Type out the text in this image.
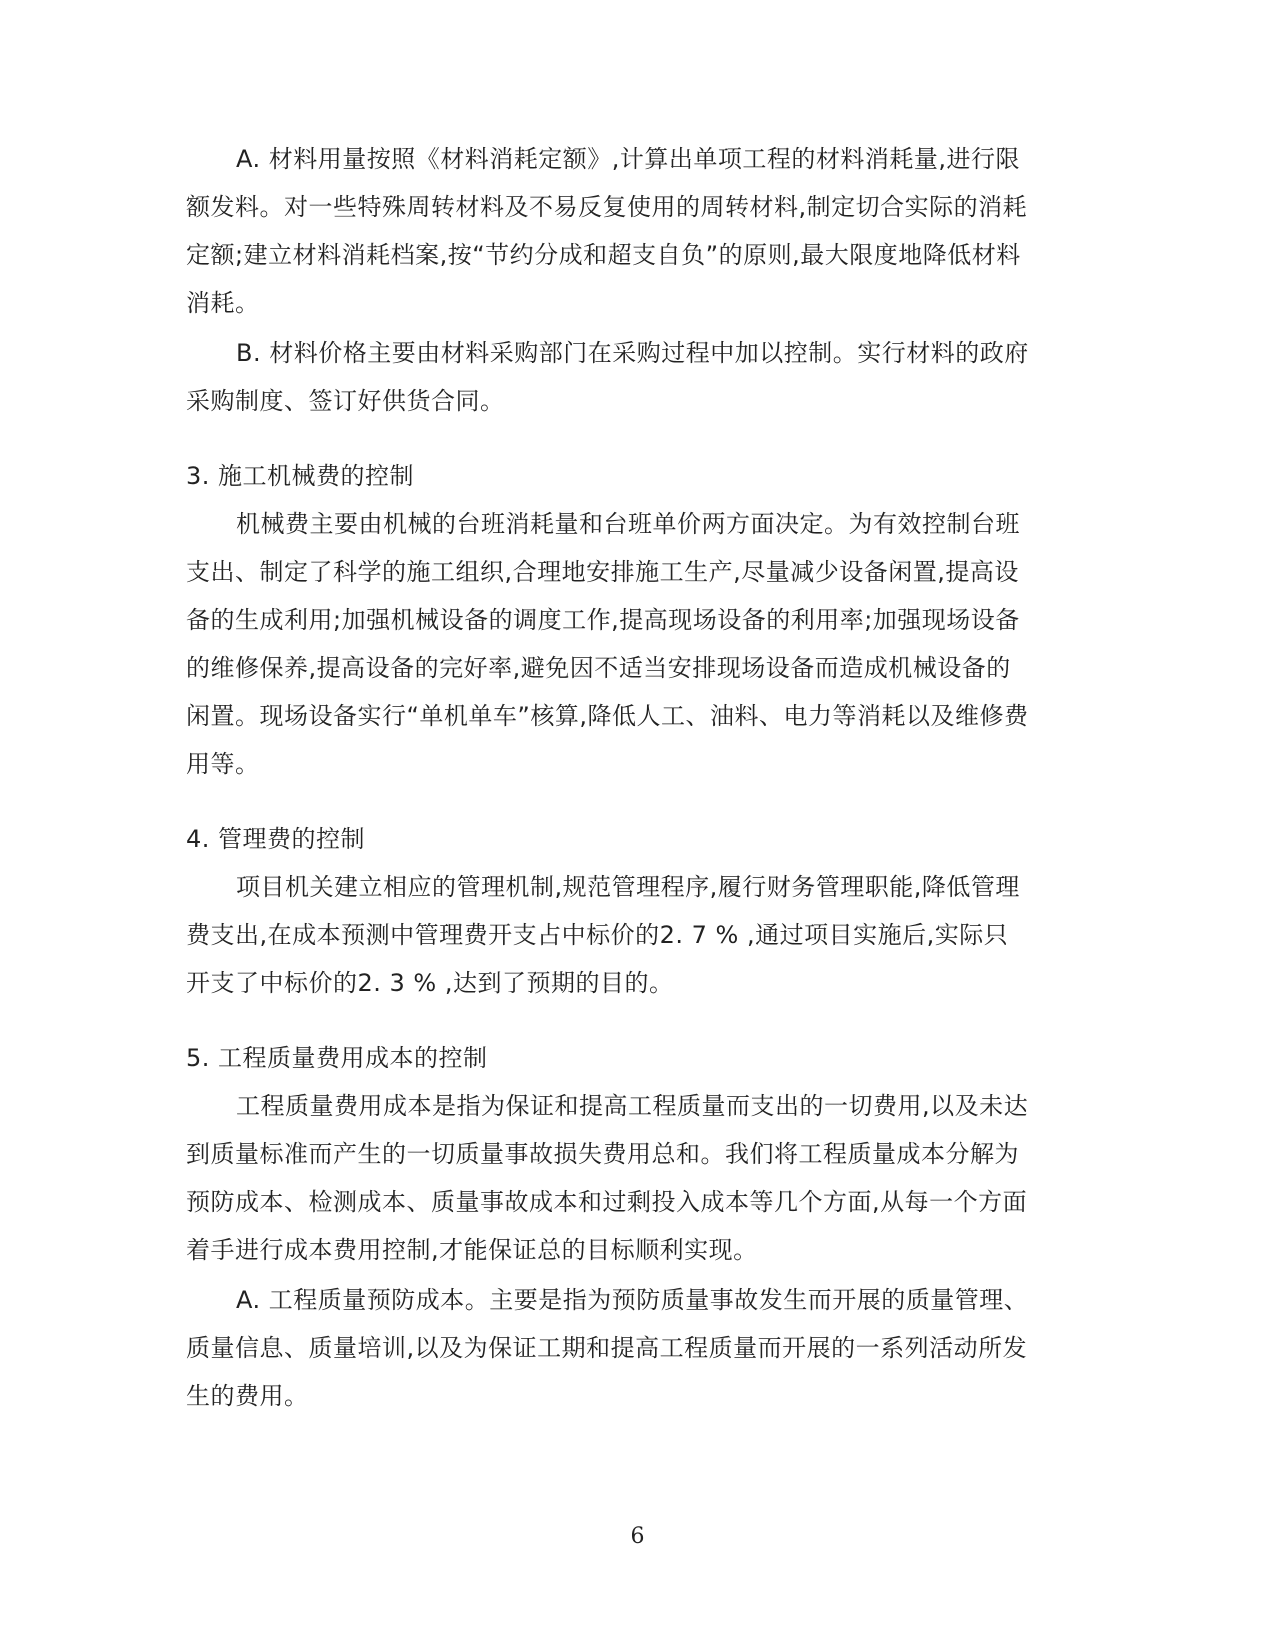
A. 材料用量按照《材料消耗定额》,计算出单项工程的材料消耗量,进行限
额发料。对一些特殊周转材料及不易反复使用的周转材料,制定切合实际的消耗
定额;建立材料消耗档案,按“节约分成和超支自负”的原则,最大限度地降低材料
消耗。
B. 材料价格主要由材料采购部门在采购过程中加以控制。实行材料的政府
采购制度、签订好供货合同。
3. 施工机械费的控制
机械费主要由机械的台班消耗量和台班单价两方面决定。为有效控制台班
支出、制定了科学的施工组织,合理地安排施工生产,尽量减少设备闲置,提高设
备的生成利用;加强机械设备的调度工作,提高现场设备的利用率;加强现场设备
的维修保养,提高设备的完好率,避免因不适当安排现场设备而造成机械设备的
闲置。现场设备实行“单机单车”核算,降低人工、油料、电力等消耗以及维修费
用等。
4. 管理费的控制
项目机关建立相应的管理机制,规范管理程序,履行财务管理职能,降低管理
费支出,在成本预测中管理费开支占中标价的2. 7 % ,通过项目实施后,实际只
开支了中标价的2. 3 % ,达到了预期的目的。
5. 工程质量费用成本的控制
工程质量费用成本是指为保证和提高工程质量而支出的一切费用,以及未达
到质量标准而产生的一切质量事故损失费用总和。我们将工程质量成本分解为
预防成本、检测成本、质量事故成本和过剩投入成本等几个方面,从每一个方面
着手进行成本费用控制,才能保证总的目标顺利实现。
A. 工程质量预防成本。主要是指为预防质量事故发生而开展的质量管理、
质量信息、质量培训,以及为保证工期和提高工程质量而开展的一系列活动所发
生的费用。
6
